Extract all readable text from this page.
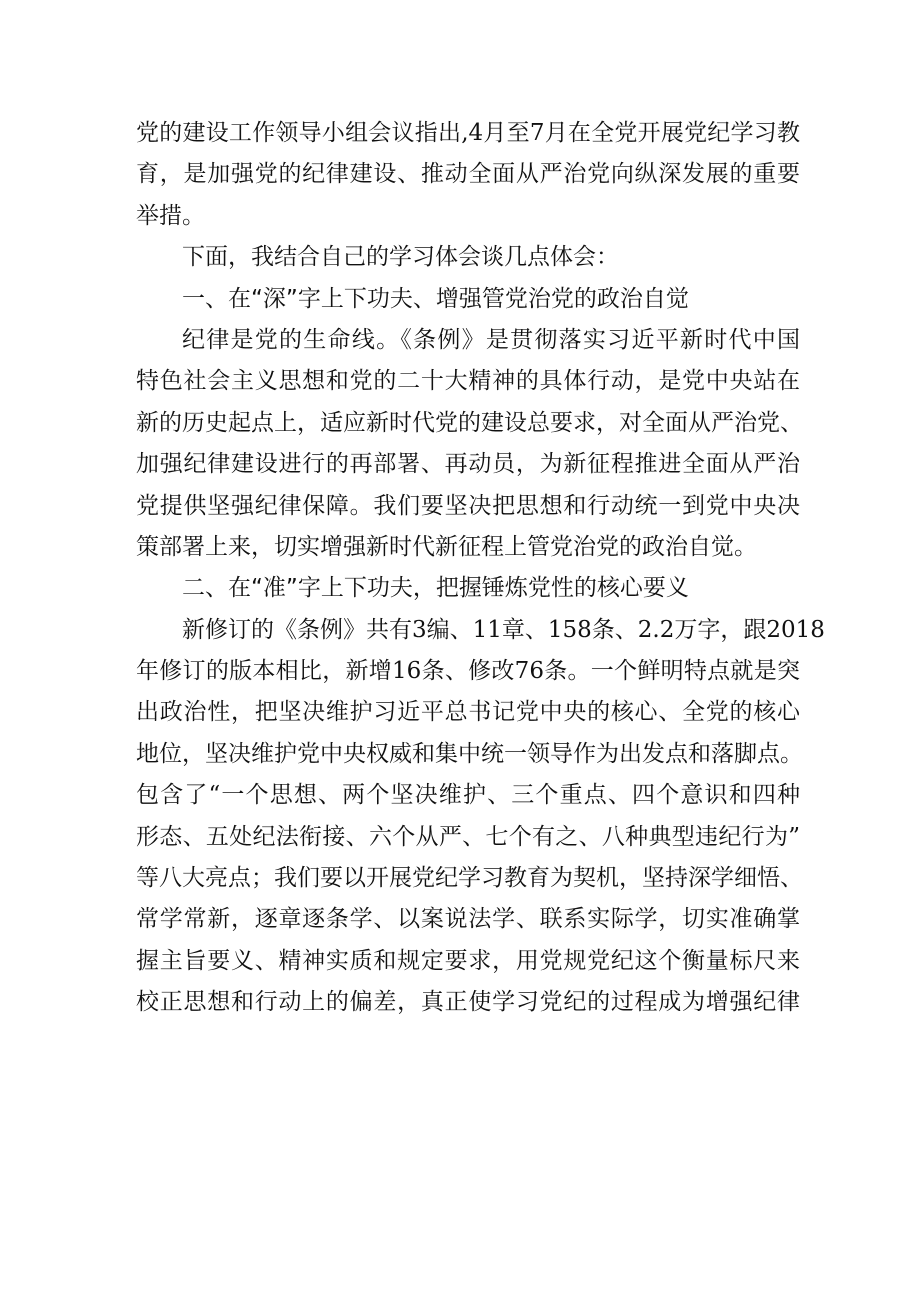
党的建设工作领导小组会议指出,4月至7月在全党开展党纪学习教
育，是加强党的纪律建设、推动全面从严治党向纵深发展的重要
举措。
下面，我结合自己的学习体会谈几点体会：
一、在“深”字上下功夫、增强管党治党的政治自觉
纪律是党的生命线。《条例》是贯彻落实习近平新时代中国
特色社会主义思想和党的二十大精神的具体行动，是党中央站在
新的历史起点上，适应新时代党的建设总要求，对全面从严治党、
加强纪律建设进行的再部署、再动员，为新征程推进全面从严治
党提供坚强纪律保障。我们要坚决把思想和行动统一到党中央决
策部署上来，切实增强新时代新征程上管党治党的政治自觉。
二、在“准”字上下功夫，把握锤炼党性的核心要义
新修订的《条例》共有3编、11章、158条、2.2万字，跟2018
年修订的版本相比，新增16条、修改76条。一个鲜明特点就是突
出政治性，把坚决维护习近平总书记党中央的核心、全党的核心
地位，坚决维护党中央权威和集中统一领导作为出发点和落脚点。
包含了“一个思想、两个坚决维护、三个重点、四个意识和四种
形态、五处纪法衔接、六个从严、七个有之、八种典型违纪行为”
等八大亮点；我们要以开展党纪学习教育为契机，坚持深学细悟、
常学常新，逐章逐条学、以案说法学、联系实际学，切实准确掌
握主旨要义、精神实质和规定要求，用党规党纪这个衡量标尺来
校正思想和行动上的偏差，真正使学习党纪的过程成为增强纪律
